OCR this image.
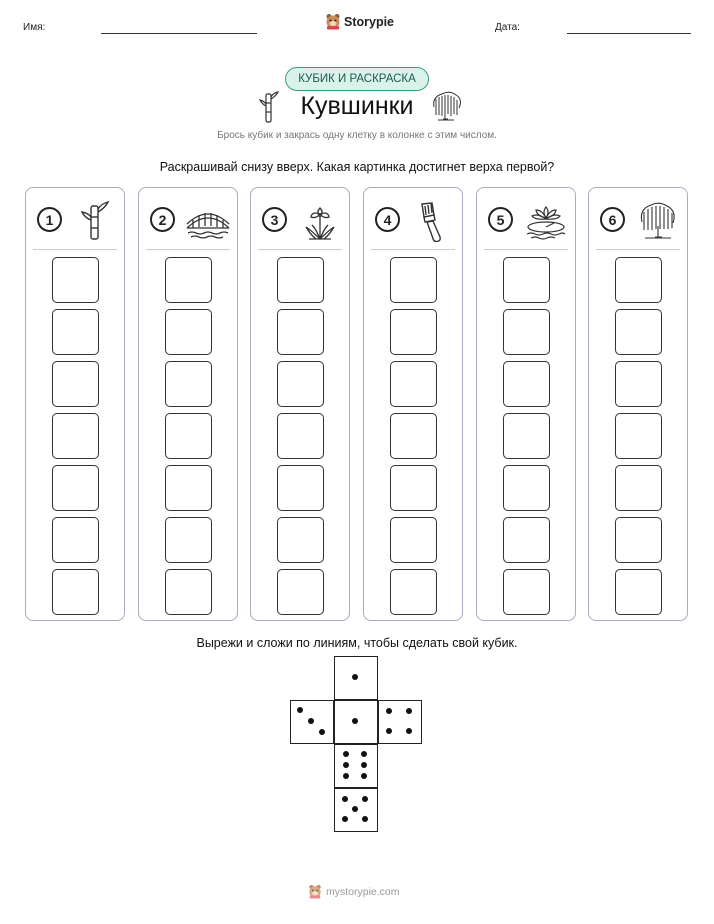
Имя:	Storypie	Дата:
КУБИК И РАСКРАСКА
Кувшинки
Брось кубик и закрась одну клетку в колонке с этим числом.
Раскрашивай снизу вверх. Какая картинка достигнет верха первой?
1	2	3	4	5	6
Вырежи и сложи по линиям, чтобы сделать свой кубик.
mystorypie.com
